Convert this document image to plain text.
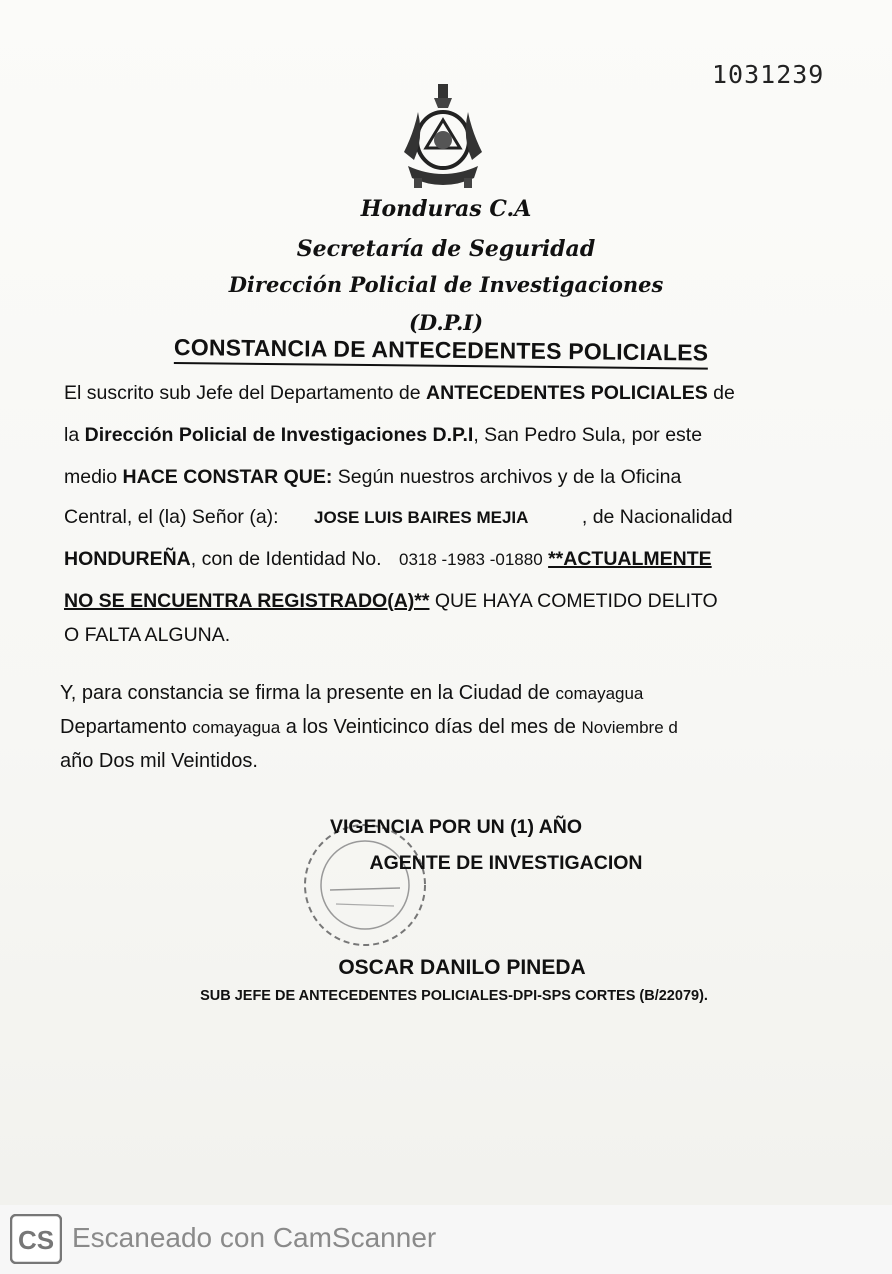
1031239
Honduras C.A
Secretaría de Seguridad
Dirección Policial de Investigaciones
(D.P.I)
CONSTANCIA DE ANTECEDENTES POLICIALES
El suscrito sub Jefe del Departamento de ANTECEDENTES POLICIALES de
la Dirección Policial de Investigaciones D.P.I, San Pedro Sula, por este
medio HACE CONSTAR QUE: Según nuestros archivos y de la Oficina
Central, el (la) Señor (a): JOSE LUIS BAIRES MEJIA	, de Nacionalidad
HONDUREÑA, con de Identidad No. 0318 -1983 -01880 **ACTUALMENTE
NO SE ENCUENTRA REGISTRADO(A)** QUE HAYA COMETIDO DELITO
O FALTA ALGUNA.
Y, para constancia se firma la presente en la Ciudad de comayagua
Departamento comayagua a los Veinticinco días del mes de Noviembre d
año Dos mil Veintidos.
VIGENCIA POR UN (1) AÑO
AGENTE DE INVESTIGACION
OSCAR DANILO PINEDA
SUB JEFE DE ANTECEDENTES POLICIALES-DPI-SPS CORTES (B/22079).
CS Escaneado con CamScanner
